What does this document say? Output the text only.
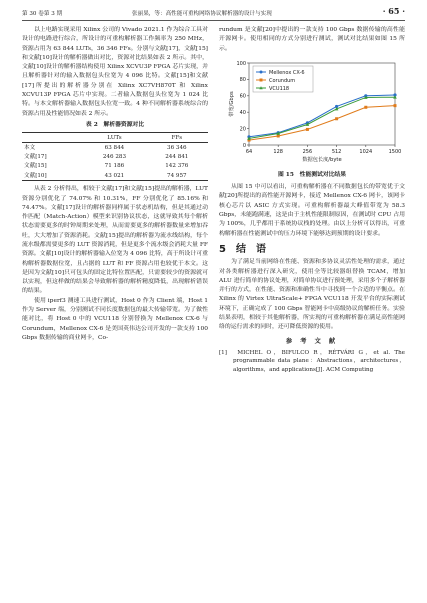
第 30 卷第 3 期	张丽果，等：高性能可重构网络协议解析器的设计与实现	· 65 ·

以上电路实现采用 Xilinx 公司的 Vivado 2021.1 作为综合工具对设计的电路进行综合，所设计的可重构解析器工作频率为 250 MHz，资源占用为 63 844 LUTs，36 346 FFs。分别与文献[17]，文献[15]和文献[10]设计的解析器做出对比，资源对比结果如表 2 所示。其中，文献[10]设计的解析器结构使用 Xilinx XCVU3P FPGA 芯片实现，并且解析器针对的输入数据包头位宽为 4 096 比特。文献[15]和文献[17]所提出的解析器分别在 Xilinx XC7VH870T 和 Xilinx XCVU13P FPGA 芯片中实现。二者输入数据包头位宽为 1 024 比特。与本文解析器输入数据包头位宽一致。4 种不同解析器系统综合的资源占用及性能情况如表 2 所示。

表 2　解析器资源对比
	LUTs	FFs
本文	63 844	36 346
文献[17]	246 283	244 841
文献[15]	71 186	142 376
文献[10]	43 021	74 957

从表 2 分析得出，相较于文献[17]和文献[15]提出的解析器，LUT 资源分别优化了 74.07% 和 10.31%，FF 分别优化了 85.16% 和 74.47%。文献[17]设计的解析器同样属于状态机结构，但是其通过动作匹配（Match-Action）模型来识别协议状态，这就导致其每个解析状态需要更多的时钟周期来处理，从而需要更多的解析器数量来增加吞吐，大大增加了资源消耗。文献[15]提出的解析器为流水线结构，每个流水级都需要更多的 LUT 资源消耗，但是更多个流水级会消耗大量 FF 资源。文献[10]设计的解析器输入位宽为 4 096 比特，高于所设计可重构解析器数据位宽，且占据的 LUT 和 FF 资源占用也较优于本文。这是因为文献[10]只可包头的固定比特位置匹配，只需要较少的资源就可以实现，但这样做的结果会导致解析器的解析精度降低，出现解析错误的结果。

使用 iperf3 测速工具进行测试，Host 0 作为 Client 端，Host 1 作为 Server 端，分别测试不同长度数据包的最大传输带宽。为了做性能对比，将 Host 0 中的 VCU118 分别替换为 Mellenox CX-6 与 Corundum，Mellenox CX-6 是美国英伟达公司开发的一款支持 100 Gbps 数据传输的商业网卡，Co-

rundum 是文献[20]中提出的一款支持 100 Gbps 数据传输的高性能开源网卡。使用相同的方式分别进行测试，测试对比结果如图 15 所示。

0
20
40
60
80
100
64	128	256	512	1024	1500
数据包长度/byte
带宽/Gbps
Mellenox CX-6
Corundum
VCU118
图 15　性能测试对比结果

从图 15 中可以看出，可重构解析器在不同数据包长的带宽优于文献[20]所提出的高性能开源网卡，接近 Mellenox CX-6 网卡，该网卡核心芯片以 ASIC 方式实现。可重构解析器最大峰值带宽为 58.3 Gbps，未能跑满速，这是由于主机性能限制原因，在测试时 CPU 占用为 100%，几乎都用于系统协议栈的处理。由以上分析可以得出，可重构解析器在性能测试中的压力环境下能够达到预期的设计要求。

5　结　语

为了满足当前网络在性能、资源和多协议灵活性处理的需求，通过对各类解析器进行深入研究，使用全等比较器组替换 TCAM，增加 ALU 进行简单的协议处理，对简单协议进行预处理，采用多个子解析器并行的方式，在性能、资源和准确性当中寻找到一个合适的平衡点。在 Xilinx 的 Virtex UltraScale+ FPGA VCU118 开发平台的实际测试环境下，正确完成了 100 Gbps 智能网卡中高级协议的解析任务。实验结果表明，相较于其他解析器，所实现的可重构解析器在满足高性能网络的运行需求的同时，还可降低资源的使用。

参 考 文 献

[1]　MICHEL O，BIFULCO R，RÉTVÁRI G，et al. The programmable data plane：Abstractions，architectures，algorithms，and applications[J]. ACM Computing
